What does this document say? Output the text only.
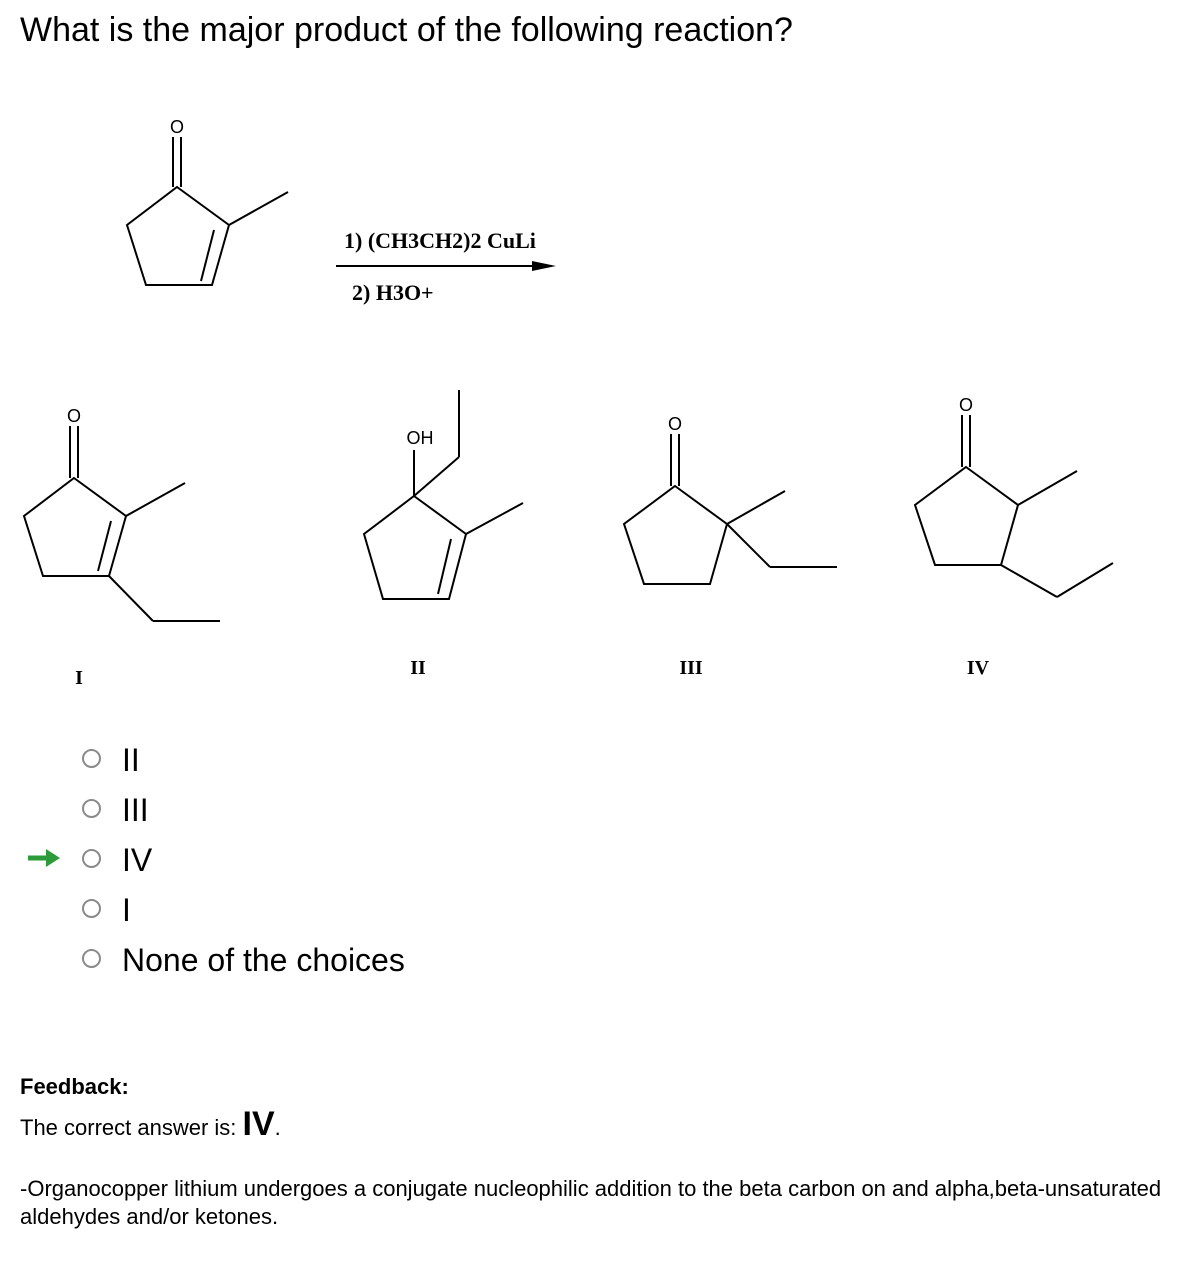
What is the major product of the following reaction?
O
O
OH
O
O
1) (CH3CH2)2 CuLi
2) H3O+
I	II	III	IV
II
III
IV
I
None of the choices
Feedback:
The correct answer is: IV.
-Organocopper lithium undergoes a conjugate nucleophilic addition to the beta carbon on and alpha,beta-unsaturated aldehydes and/or ketones.
